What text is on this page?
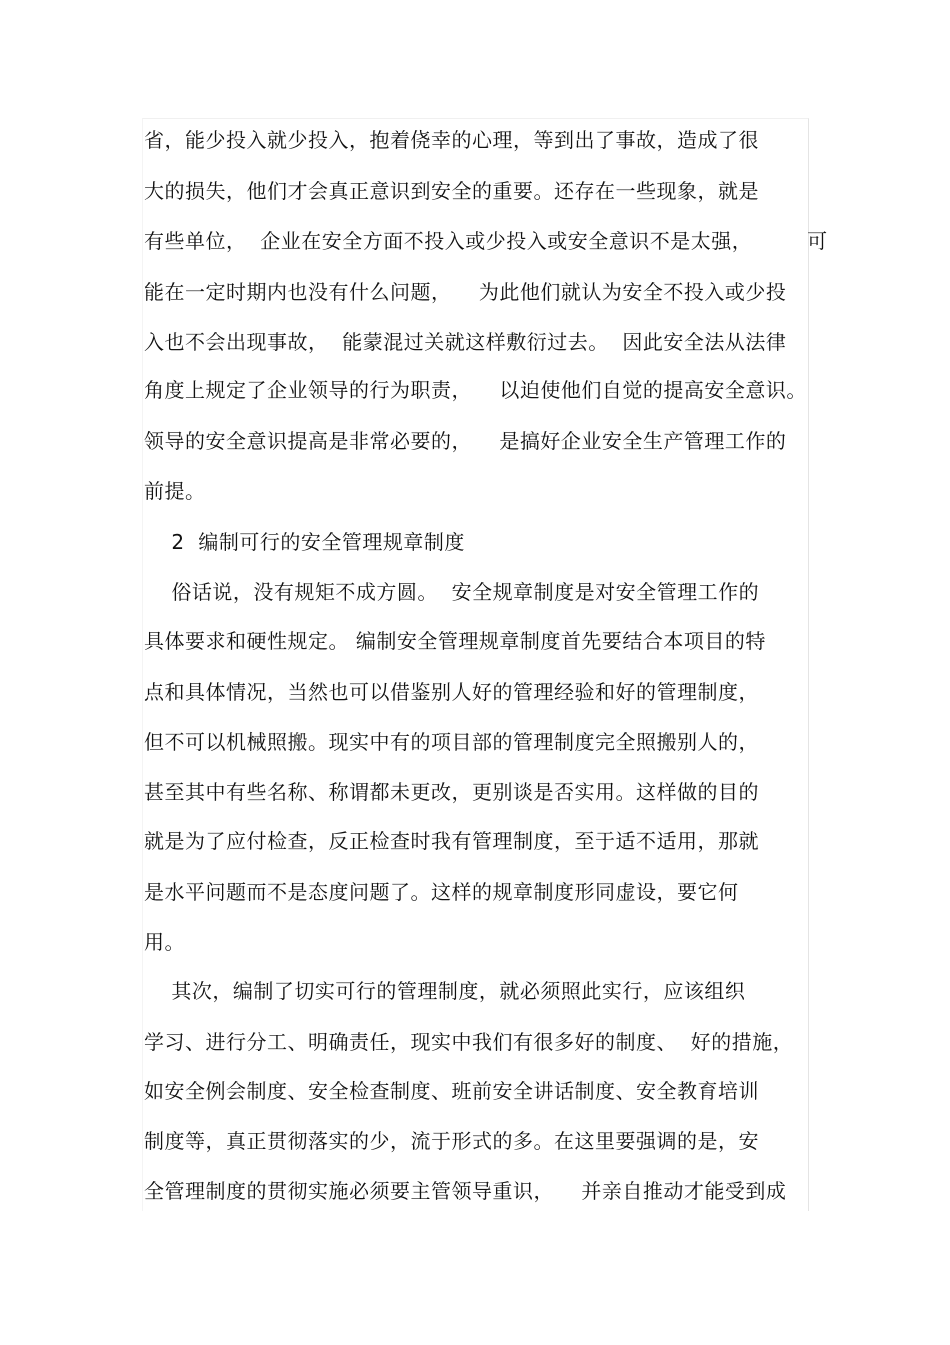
省，能少投入就少投入，抱着侥幸的心理，等到出了事故，造成了很
大的损失，他们才会真正意识到安全的重要。还存在一些现象，就是
有些单位，  企业在安全方面不投入或少投入或安全意识不是太强，        可
能在一定时期内也没有什么问题，    为此他们就认为安全不投入或少投
入也不会出现事故，  能蒙混过关就这样敷衍过去。  因此安全法从法律
角度上规定了企业领导的行为职责，    以迫使他们自觉的提高安全意识。
领导的安全意识提高是非常必要的，    是搞好企业安全生产管理工作的
前提。
2  编制可行的安全管理规章制度
俗话说，没有规矩不成方圆。  安全规章制度是对安全管理工作的
具体要求和硬性规定。 编制安全管理规章制度首先要结合本项目的特
点和具体情况，当然也可以借鉴别人好的管理经验和好的管理制度，
但不可以机械照搬。现实中有的项目部的管理制度完全照搬别人的，
甚至其中有些名称、称谓都未更改，更别谈是否实用。这样做的目的
就是为了应付检查，反正检查时我有管理制度，至于适不适用，那就
是水平问题而不是态度问题了。这样的规章制度形同虚设，要它何
用。
其次，编制了切实可行的管理制度，就必须照此实行，应该组织
学习、进行分工、明确责任，现实中我们有很多好的制度、  好的措施，
如安全例会制度、安全检查制度、班前安全讲话制度、安全教育培训
制度等，真正贯彻落实的少，流于形式的多。在这里要强调的是，安
全管理制度的贯彻实施必须要主管领导重识，    并亲自推动才能受到成
